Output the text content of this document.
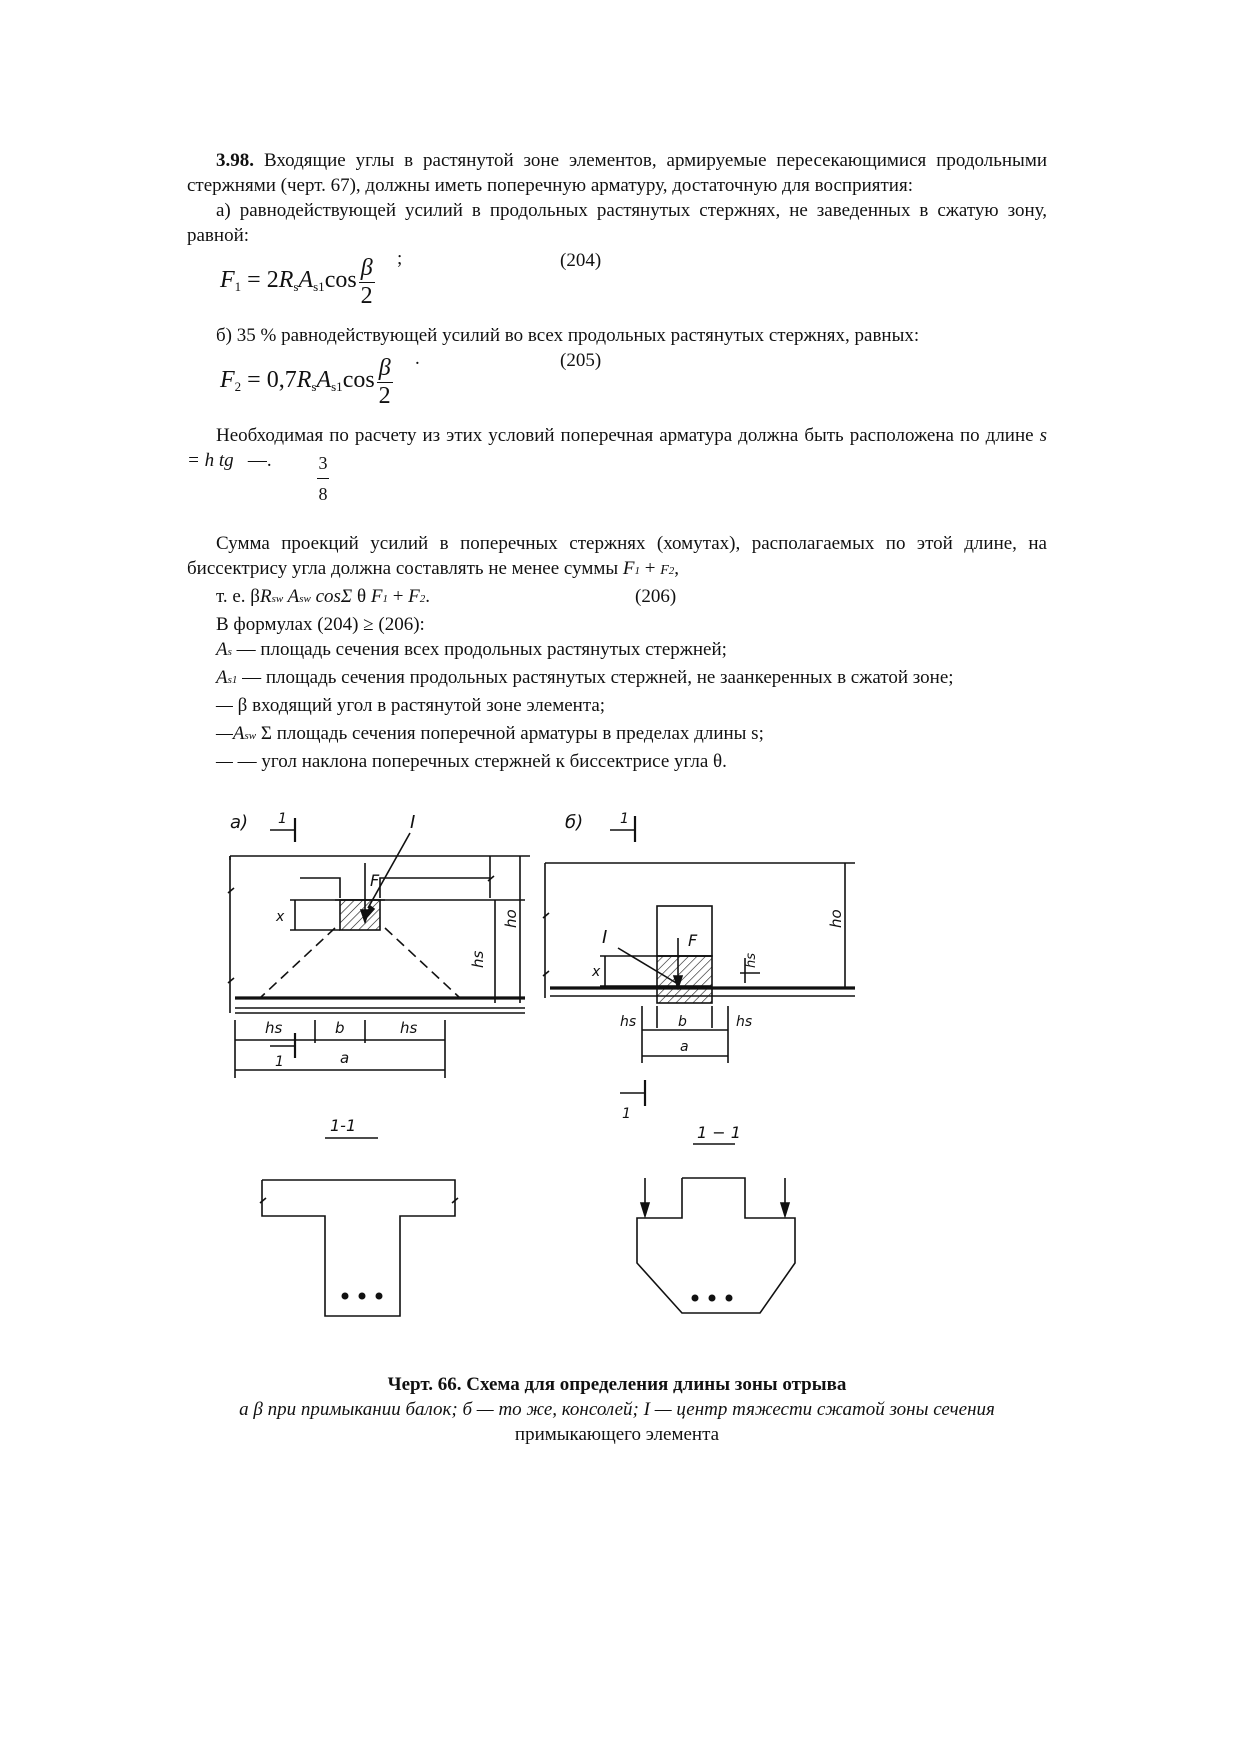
3.98. Входящие углы в растянутой зоне элементов, армируемые пересекающимися продольными стержнями (черт. 67), должны иметь поперечную арматуру, достаточную для восприятия:

а) равнодействующей усилий в продольных растянутых стержнях, не заведенных в сжатую зону, равной:

;	(204)
$F_1 = 2R_sA_{s1}\cos \frac{\beta}{2}$

б) 35 % равнодействующей усилий во всех продольных растянутых стержнях, равных:

.	(205)
$F_2 = 0,7R_sA_{s1}\cos \frac{\beta}{2}$

Необходимая по расчету из этих условий поперечная арматура должна быть расположена по длине s = h tg —.	3
8

Сумма проекций усилий в поперечных стержнях (хомутах), располагаемых по этой длине, на биссектрису угла должна составлять не менее суммы F1 + F2,

т. е. βRsw Asw cosΣ θ F1 + F2.	(206)

В формулах (204) ≥ (206):

As — площадь сечения всех продольных растянутых стержней;

As1 — площадь сечения продольных растянутых стержней, не заанкеренных в сжатой зоне;

— β входящий угол в растянутой зоне элемента;

—Asw Σ площадь сечения поперечной арматуры в пределах длины s;

— — угол наклона поперечных стержней к биссектрисе угла θ.

а)
F
I
1
1
x
hs
ho
hs	b	hs
a
б)
F
I
hs
x
ho
1
hs	b	hs
a
1
1-1	1 − 1

Черт. 66. Схема для определения длины зоны отрыва

а β при примыкании балок; б — то же, консолей; I — центр тяжести сжатой зоны сечения

примыкающего элемента
